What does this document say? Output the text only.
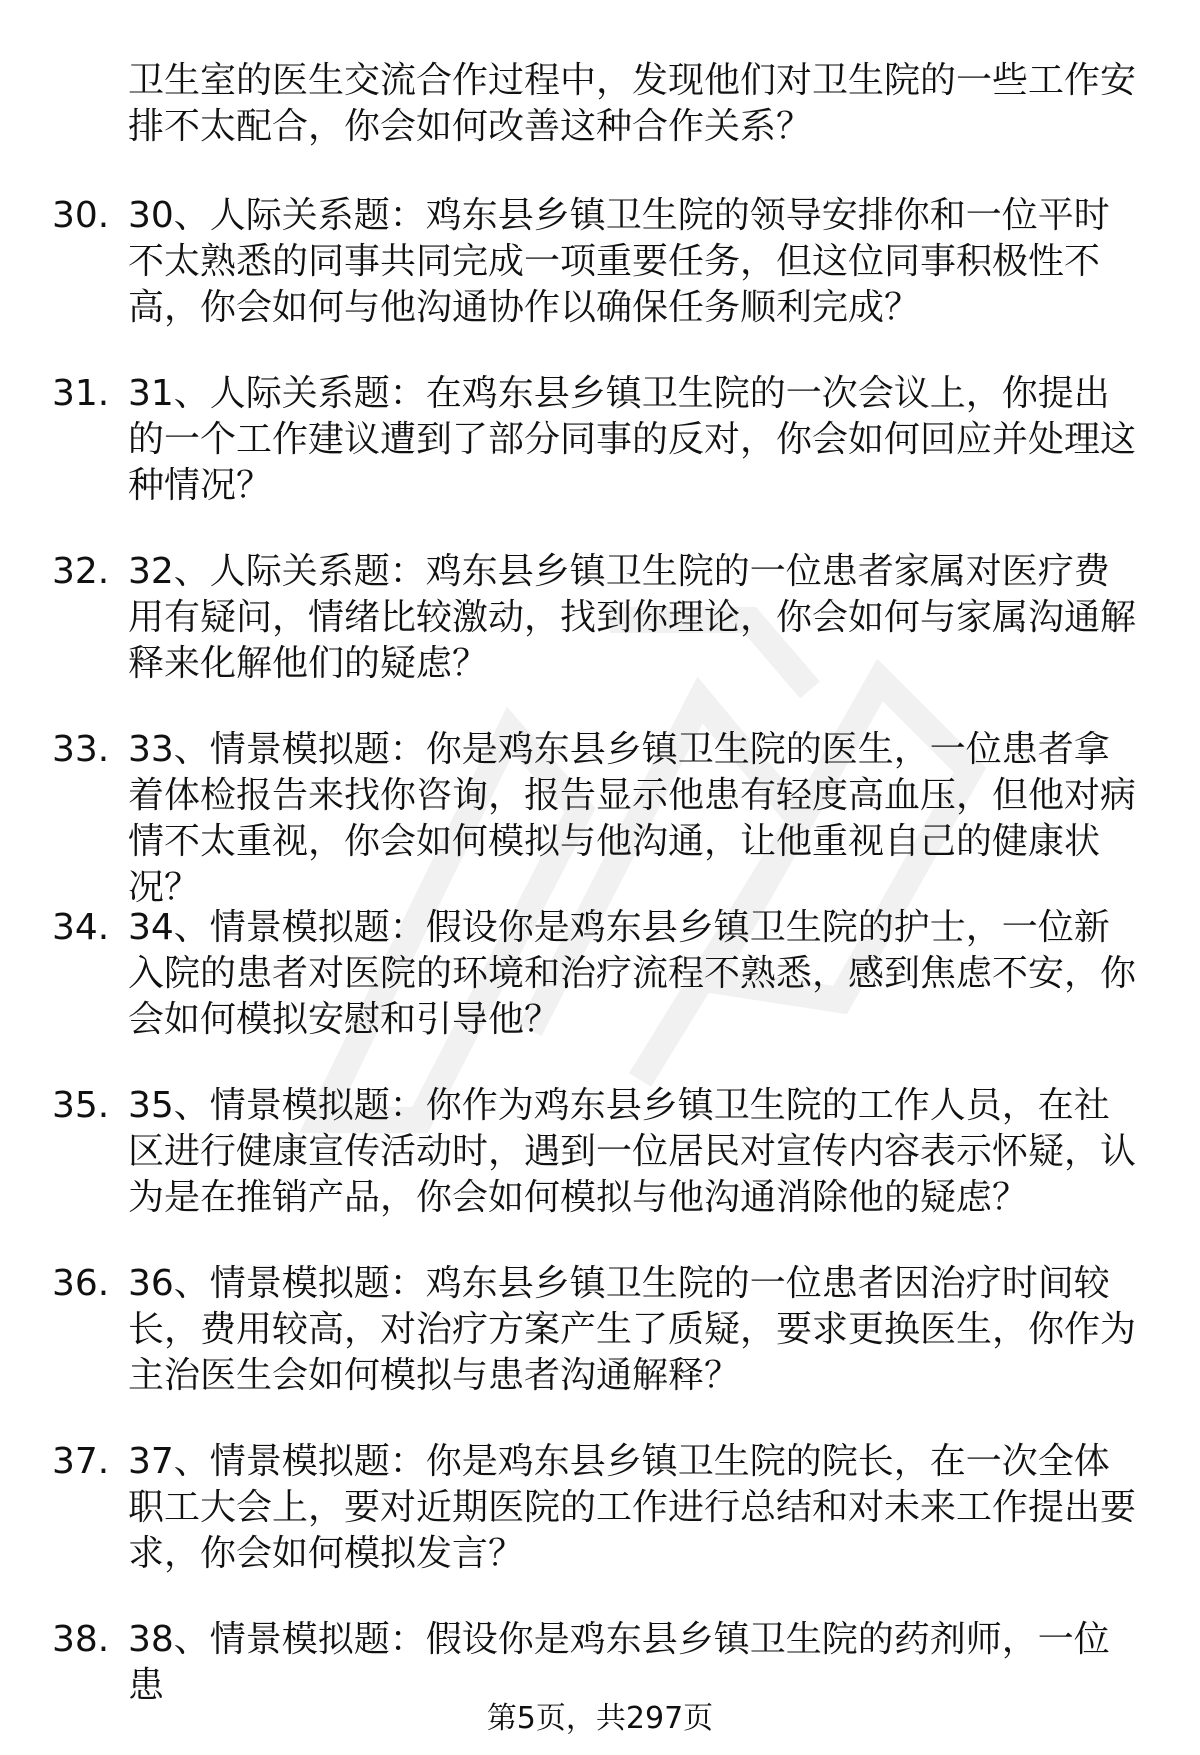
卫生室的医生交流合作过程中，发现他们对卫生院的一些工作安排不太配合，你会如何改善这种合作关系？

30. 30、人际关系题：鸡东县乡镇卫生院的领导安排你和一位平时不太熟悉的同事共同完成一项重要任务，但这位同事积极性不高，你会如何与他沟通协作以确保任务顺利完成？

31. 31、人际关系题：在鸡东县乡镇卫生院的一次会议上，你提出的一个工作建议遭到了部分同事的反对，你会如何回应并处理这种情况？

32. 32、人际关系题：鸡东县乡镇卫生院的一位患者家属对医疗费用有疑问，情绪比较激动，找到你理论，你会如何与家属沟通解释来化解他们的疑虑？

33. 33、情景模拟题：你是鸡东县乡镇卫生院的医生，一位患者拿着体检报告来找你咨询，报告显示他患有轻度高血压，但他对病情不太重视，你会如何模拟与他沟通，让他重视自己的健康状况？

34. 34、情景模拟题：假设你是鸡东县乡镇卫生院的护士，一位新入院的患者对医院的环境和治疗流程不熟悉，感到焦虑不安，你会如何模拟安慰和引导他？

35. 35、情景模拟题：你作为鸡东县乡镇卫生院的工作人员，在社区进行健康宣传活动时，遇到一位居民对宣传内容表示怀疑，认为是在推销产品，你会如何模拟与他沟通消除他的疑虑？

36. 36、情景模拟题：鸡东县乡镇卫生院的一位患者因治疗时间较长，费用较高，对治疗方案产生了质疑，要求更换医生，你作为主治医生会如何模拟与患者沟通解释？

37. 37、情景模拟题：你是鸡东县乡镇卫生院的院长，在一次全体职工大会上，要对近期医院的工作进行总结和对未来工作提出要求，你会如何模拟发言？

38. 38、情景模拟题：假设你是鸡东县乡镇卫生院的药剂师，一位患

第5页，共297页
